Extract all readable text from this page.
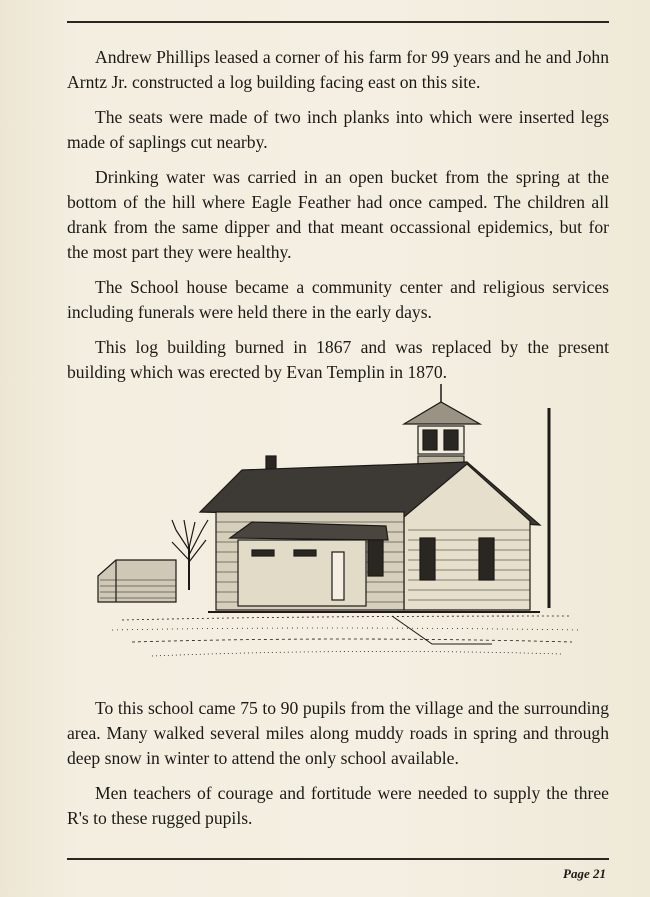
Andrew Phillips leased a corner of his farm for 99 years and he and John Arntz Jr. constructed a log building facing east on this site.

The seats were made of two inch planks into which were inserted legs made of saplings cut nearby.

Drinking water was carried in an open bucket from the spring at the bottom of the hill where Eagle Feather had once camped. The children all drank from the same dipper and that meant occassional epidemics, but for the most part they were healthy.

The School house became a community center and religious services including funerals were held there in the early days.

This log building burned in 1867 and was replaced by the present building which was erected by Evan Templin in 1870.

To this school came 75 to 90 pupils from the village and the surrounding area. Many walked several miles along muddy roads in spring and through deep snow in winter to attend the only school available.

Men teachers of courage and fortitude were needed to supply the three R's to these rugged pupils.

Page 21
